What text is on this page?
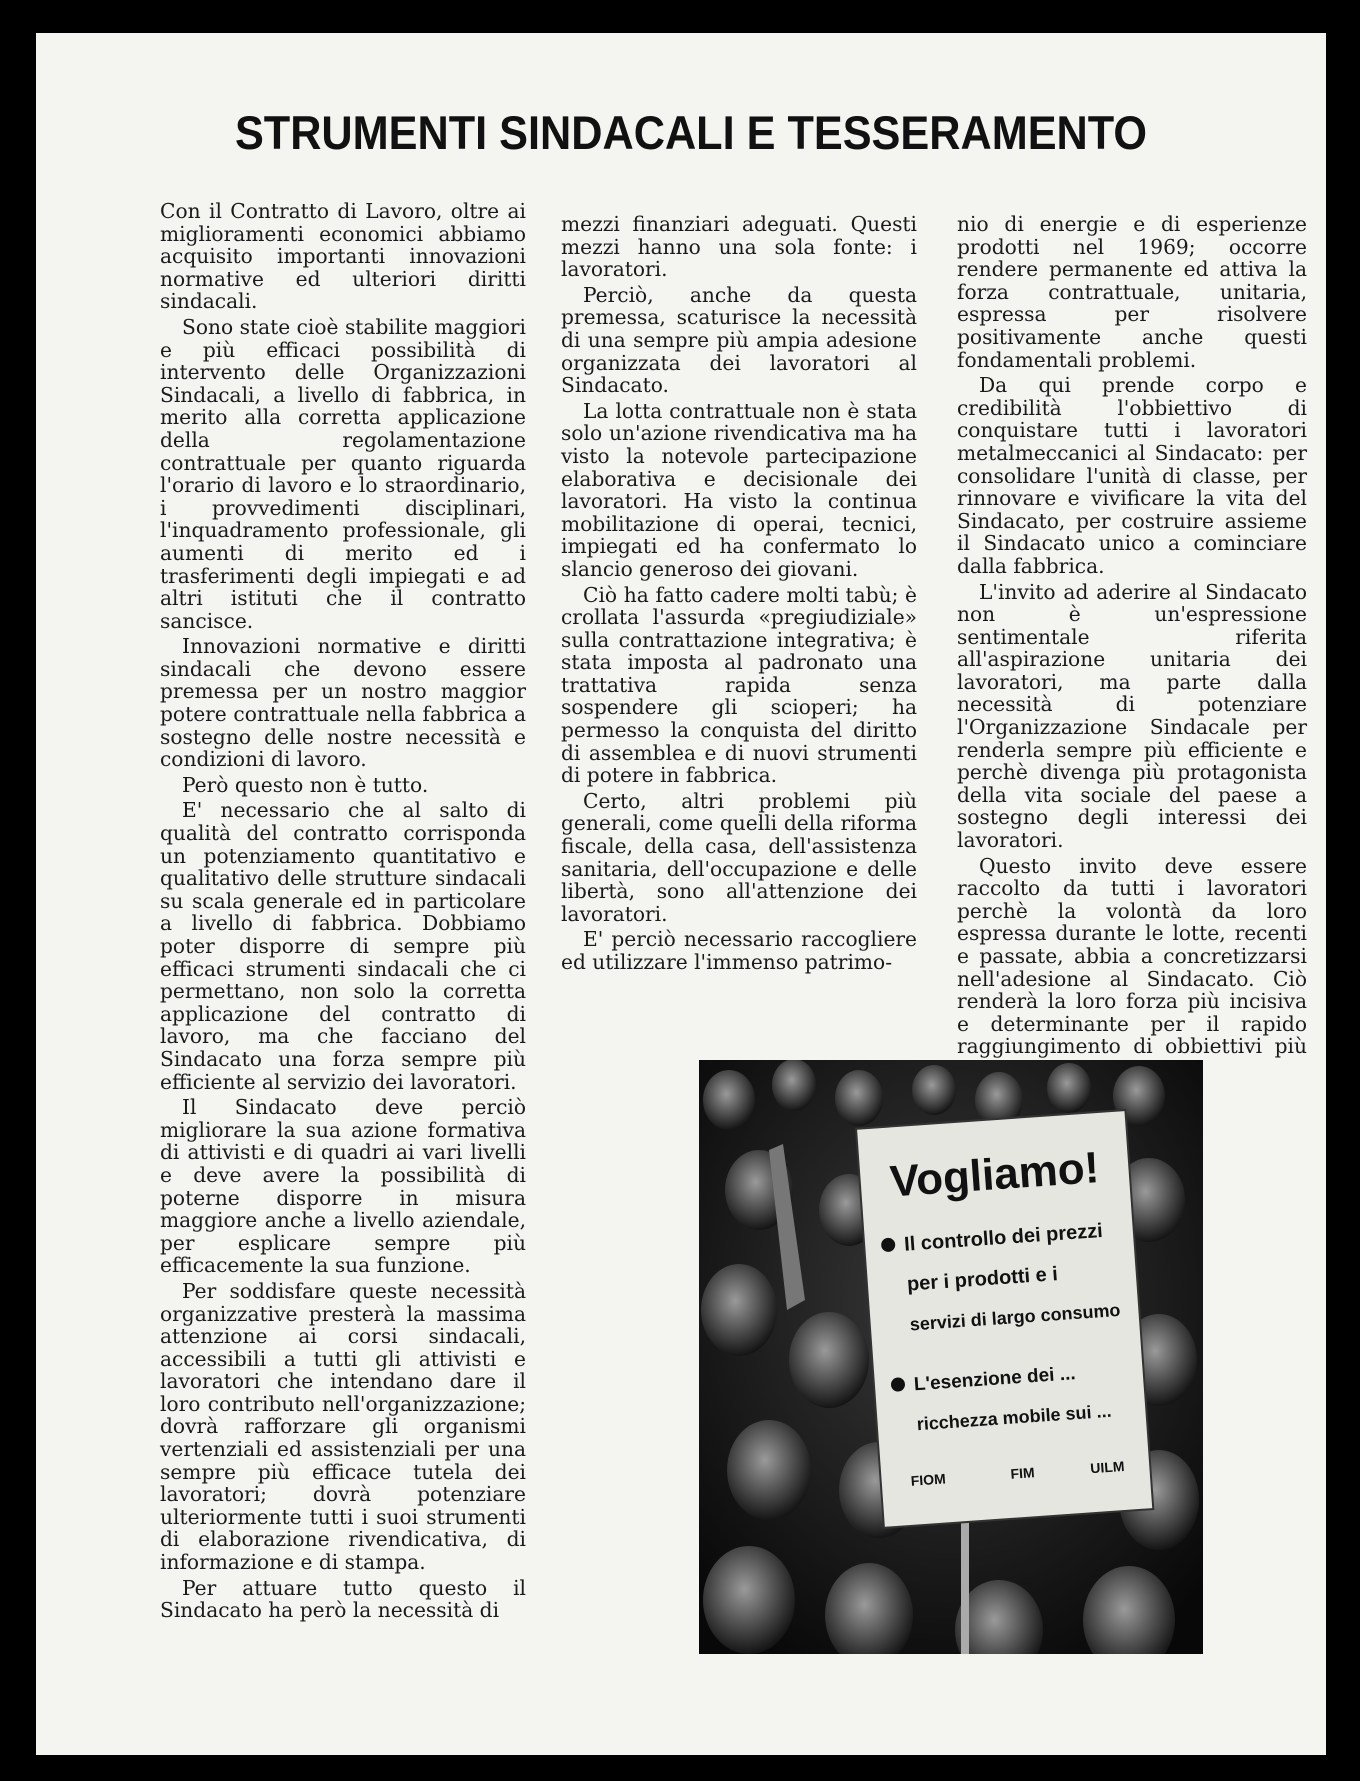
STRUMENTI SINDACALI E TESSERAMENTO

Con il Contratto di Lavoro, oltre ai miglioramenti economici abbiamo acquisito importanti innovazioni normative ed ulteriori diritti sindacali.

Sono state cioè stabilite maggiori e più efficaci possibilità di intervento delle Organizzazioni Sindacali, a livello di fabbrica, in merito alla corretta applicazione della regolamentazione contrattuale per quanto riguarda l'orario di lavoro e lo straordinario, i provvedimenti disciplinari, l'inquadramento professionale, gli aumenti di merito ed i trasferimenti degli impiegati e ad altri istituti che il contratto sancisce.

Innovazioni normative e diritti sindacali che devono essere premessa per un nostro maggior potere contrattuale nella fabbrica a sostegno delle nostre necessità e condizioni di lavoro.

Però questo non è tutto.

E' necessario che al salto di qualità del contratto corrisponda un potenziamento quantitativo e qualitativo delle strutture sindacali su scala generale ed in particolare a livello di fabbrica. Dobbiamo poter disporre di sempre più efficaci strumenti sindacali che ci permettano, non solo la corretta applicazione del contratto di lavoro, ma che facciano del Sindacato una forza sempre più efficiente al servizio dei lavoratori.

Il Sindacato deve perciò migliorare la sua azione formativa di attivisti e di quadri ai vari livelli e deve avere la possibilità di poterne disporre in misura maggiore anche a livello aziendale, per esplicare sempre più efficacemente la sua funzione.

Per soddisfare queste necessità organizzative presterà la massima attenzione ai corsi sindacali, accessibili a tutti gli attivisti e lavoratori che intendano dare il loro contributo nell'organizzazione; dovrà rafforzare gli organismi vertenziali ed assistenziali per una sempre più efficace tutela dei lavoratori; dovrà potenziare ulteriormente tutti i suoi strumenti di elaborazione rivendicativa, di informazione e di stampa.

Per attuare tutto questo il Sindacato ha però la necessità di

mezzi finanziari adeguati. Questi mezzi hanno una sola fonte: i lavoratori.

Perciò, anche da questa premessa, scaturisce la necessità di una sempre più ampia adesione organizzata dei lavoratori al Sindacato.

La lotta contrattuale non è stata solo un'azione rivendicativa ma ha visto la notevole partecipazione elaborativa e decisionale dei lavoratori. Ha visto la continua mobilitazione di operai, tecnici, impiegati ed ha confermato lo slancio generoso dei giovani.

Ciò ha fatto cadere molti tabù; è crollata l'assurda «pregiudiziale» sulla contrattazione integrativa; è stata imposta al padronato una trattativa rapida senza sospendere gli scioperi; ha permesso la conquista del diritto di assemblea e di nuovi strumenti di potere in fabbrica.

Certo, altri problemi più generali, come quelli della riforma fiscale, della casa, dell'assistenza sanitaria, dell'occupazione e delle libertà, sono all'attenzione dei lavoratori.

E' perciò necessario raccogliere ed utilizzare l'immenso patrimo-

nio di energie e di esperienze prodotti nel 1969; occorre rendere permanente ed attiva la forza contrattuale, unitaria, espressa per risolvere positivamente anche questi fondamentali problemi.

Da qui prende corpo e credibilità l'obbiettivo di conquistare tutti i lavoratori metalmeccanici al Sindacato: per consolidare l'unità di classe, per rinnovare e vivificare la vita del Sindacato, per costruire assieme il Sindacato unico a cominciare dalla fabbrica.

L'invito ad aderire al Sindacato non è un'espressione sentimentale riferita all'aspirazione unitaria dei lavoratori, ma parte dalla necessità di potenziare l'Organizzazione Sindacale per renderla sempre più efficiente e perchè divenga più protagonista della vita sociale del paese a sostegno degli interessi dei lavoratori.

Questo invito deve essere raccolto da tutti i lavoratori perchè la volontà da loro espressa durante le lotte, recenti e passate, abbia a concretizzarsi nell'adesione al Sindacato. Ciò renderà la loro forza più incisiva e determinante per il rapido raggiungimento di obbiettivi più

Vogliamo!
Il controllo dei prezzi
per i prodotti e i
servizi di largo consumo
L'esenzione dei ...
ricchezza mobile sui ...
FIOM	FIM	UILM
